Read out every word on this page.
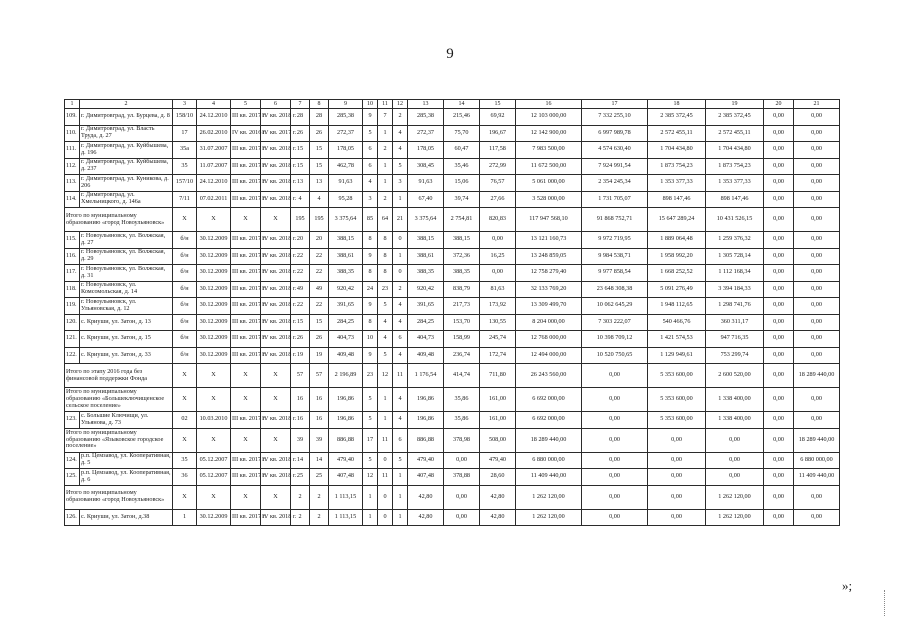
9
1	2	3	4	5	6	7	8	9	10	11	12	13	14	15	16	17	18	19	20	21
109.	г. Димитровград, ул. Бурцева, д. 8	158/10	24.12.2010	III кв. 2017 г.	IV кв. 2018 г.	28	28	285,38	9	7	2	285,38	215,46	69,92	12 103 000,00	7 332 255,10	2 385 372,45	2 385 372,45	0,00	0,00
110.	г. Димитровград, ул. Власть Труда, д. 27	17	26.02.2010	IV кв. 2016 г.	IV кв. 2017 г.	26	26	272,37	5	1	4	272,37	75,70	196,67	12 142 900,00	6 997 989,78	2 572 455,11	2 572 455,11	0,00	0,00
111.	г. Димитровград, ул. Куйбышева, д. 196	35а	31.07.2007	III кв. 2017 г.	IV кв. 2018 г.	15	15	178,05	6	2	4	178,05	60,47	117,58	7 983 500,00	4 574 630,40	1 704 434,80	1 704 434,80	0,00	0,00
112.	г. Димитровград, ул. Куйбышева, д. 237	35	11.07.2007	III кв. 2017 г.	IV кв. 2018 г.	15	15	462,78	6	1	5	308,45	35,46	272,99	11 672 500,00	7 924 991,54	1 873 754,23	1 873 754,23	0,00	0,00
113.	г. Димитровград, ул. Куникова, д. 206	157/10	24.12.2010	III кв. 2017 г.	IV кв. 2018 г.	13	13	91,63	4	1	3	91,63	15,06	76,57	5 061 000,00	2 354 245,34	1 353 377,33	1 353 377,33	0,00	0,00
114.	г. Димитровград, ул. Хмельницкого, д. 146а	7/11	07.02.2011	III кв. 2017 г.	IV кв. 2018 г.	4	4	95,28	3	2	1	67,40	39,74	27,66	3 528 000,00	1 731 705,07	898 147,46	898 147,46	0,00	0,00
Итого по муниципальному образованию «город Новоульяновск»		X	X	X	X	195	195	3 375,64	85	64	21	3 375,64	2 754,81	820,83	117 947 568,10	91 868 752,71	15 647 289,24	10 431 526,15	0,00	0,00
115.	г. Новоульяновск, ул. Волжская, д. 27	б/н	30.12.2009	III кв. 2017 г.	IV кв. 2018 г.	20	20	388,15	8	8	0	388,15	388,15	0,00	13 121 160,73	9 972 719,95	1 889 064,48	1 259 376,32	0,00	0,00
116.	г. Новоульяновск, ул. Волжская, д. 29	б/н	30.12.2009	III кв. 2017 г.	IV кв. 2018 г.	22	22	388,61	9	8	1	388,61	372,36	16,25	13 248 859,05	9 984 538,71	1 958 992,20	1 305 728,14	0,00	0,00
117.	г. Новоульяновск, ул. Волжская, д. 31	б/н	30.12.2009	III кв. 2017 г.	IV кв. 2018 г.	22	22	388,35	8	8	0	388,35	388,35	0,00	12 758 279,40	9 977 858,54	1 668 252,52	1 112 168,34	0,00	0,00
118.	г. Новоульяновск, ул. Комсомольская, д. 14	б/н	30.12.2009	III кв. 2017 г.	IV кв. 2018 г.	49	49	920,42	24	23	2	920,42	838,79	81,63	32 133 769,20	23 648 308,38	5 091 276,49	3 394 184,33	0,00	0,00
119.	г. Новоульяновск, ул. Ульяновская, д. 12	б/н	30.12.2009	III кв. 2017 г.	IV кв. 2018 г.	22	22	391,65	9	5	4	391,65	217,73	173,92	13 309 499,70	10 062 645,29	1 948 112,65	1 298 741,76	0,00	0,00
120.	с. Криуши, ул. Затон, д. 13	б/н	30.12.2009	III кв. 2017 г.	IV кв. 2018 г.	15	15	284,25	8	4	4	284,25	153,70	130,55	8 204 000,00	7 303 222,07	540 466,76	360 311,17	0,00	0,00
121.	с. Криуши, ул. Затон, д. 15	б/н	30.12.2009	III кв. 2017 г.	IV кв. 2018 г.	26	26	404,73	10	4	6	404,73	158,99	245,74	12 768 000,00	10 398 709,12	1 421 574,53	947 716,35	0,00	0,00
122.	с. Криуши, ул. Затон, д. 33	б/н	30.12.2009	III кв. 2017 г.	IV кв. 2018 г.	19	19	409,48	9	5	4	409,48	236,74	172,74	12 494 000,00	10 520 750,65	1 129 949,61	753 299,74	0,00	0,00
Итого по этапу 2016 года без финансовой поддержки Фонда		X	X	X	X	57	57	2 196,89	23	12	11	1 176,54	414,74	711,80	26 243 560,00	0,00	5 353 600,00	2 600 520,00	0,00	18 289 440,00
Итого по муниципальному образованию «Большеключищенское сельское поселение»		X	X	X	X	16	16	196,86	5	1	4	196,86	35,86	161,00	6 692 000,00	0,00	5 353 600,00	1 338 400,00	0,00	0,00
123.	с. Большие Ключищи, ул. Ульянова, д. 73	02	10.03.2010	III кв. 2017 г.	IV кв. 2018 г.	16	16	196,86	5	1	4	196,86	35,86	161,00	6 692 000,00	0,00	5 353 600,00	1 338 400,00	0,00	0,00
Итого по муниципальному образованию «Языковское городское поселение»		X	X	X	X	39	39	886,88	17	11	6	886,88	378,98	508,00	18 289 440,00	0,00	0,00	0,00	0,00	18 289 440,00
124.	р.п. Цемзавод, ул. Кооперативная, д. 5	35	05.12.2007	III кв. 2017 г.	IV кв. 2018 г.	14	14	479,40	5	0	5	479,40	0,00	479,40	6 880 000,00	0,00	0,00	0,00	0,00	6 880 000,00
125.	р.п. Цемзавод, ул. Кооперативная, д. 6	36	05.12.2007	III кв. 2017 г.	IV кв. 2018 г.	25	25	407,48	12	11	1	407,48	378,88	28,60	11 409 440,00	0,00	0,00	0,00	0,00	11 409 440,00
Итого по муниципальному образованию «город Новоульяновск»		X	X	X	X	2	2	1 113,15	1	0	1	42,80	0,00	42,80	1 262 120,00	0,00	0,00	1 262 120,00	0,00	0,00
126.	с. Криуши, ул. Затон, д.38	1	30.12.2009	III кв. 2017 г.	IV кв. 2018 г.	2	2	1 113,15	1	0	1	42,80	0,00	42,80	1 262 120,00	0,00	0,00	1 262 120,00	0,00	0,00
»;
